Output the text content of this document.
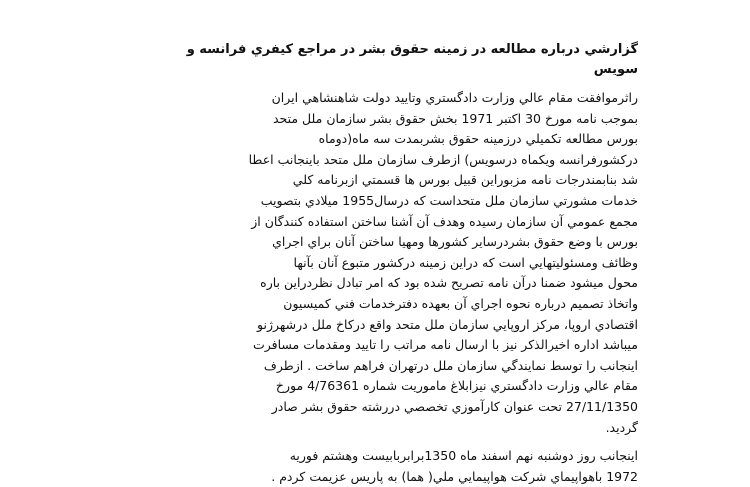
گزارشي درباره مطالعه در زمينه حقوق بشر در مراجع كيفري فرانسه و
سويس
راثرموافقت مقام عالي وزارت دادگستري وتاييد دولت شاهنشاهي ايران
بموجب نامه مورخ 30 اكتبر 1971 بخش حقوق بشر سازمان ملل متحد
بورس مطالعه تكميلي درزمينه حقوق بشربمدت سه ماه(دوماه
دركشورفرانسه ويكماه درسويس) ازطرف سازمان ملل متحد باينجانب اعطا
شد بنابمندرجات نامه مزبوراين قبيل بورس ها قسمتي ازبرنامه كلي
خدمات مشورتي سازمان ملل متحداست كه درسال1955 ميلادي بتصويب
مجمع عمومي آن سازمان رسيده وهدف آن آشنا ساختن استفاده كنندگان از
بورس با وضع حقوق بشردرساير كشورها ومهيا ساختن آنان براي اجراي
وظائف ومسئوليتهايي است كه دراين زمينه دركشور متبوع آنان بآنها
محول ميشود ضمنا درآن نامه تصريح شده بود كه امر تبادل نظردراين باره
واتخاذ تصميم درباره نحوه اجراي آن بعهده دفترخدمات فني كميسيون
اقتصادي اروپا، مركز اروپايي سازمان ملل متحد واقع دركاخ ملل درشهرژنو
ميباشد اداره اخيرالذكر نيز با ارسال نامه مراتب را تاييد ومقدمات مسافرت
اينجانب را توسط نمايندگي سازمان ملل درتهران فراهم ساخت . ازطرف
مقام عالي وزارت دادگستري نيزابلاغ ماموريت شماره 4/76361 مورخ
27/11/1350 تحت عنوان كارآموزي تخصصي دررشته حقوق بشر صادر
گرديد.
اينجانب روز دوشنبه نهم اسفند ماه 1350برابربابيست وهشتم فوريه
1972 باهواپيماي شركت هواپيمايي ملي( هما) به پاريس عزيمت كردم .
